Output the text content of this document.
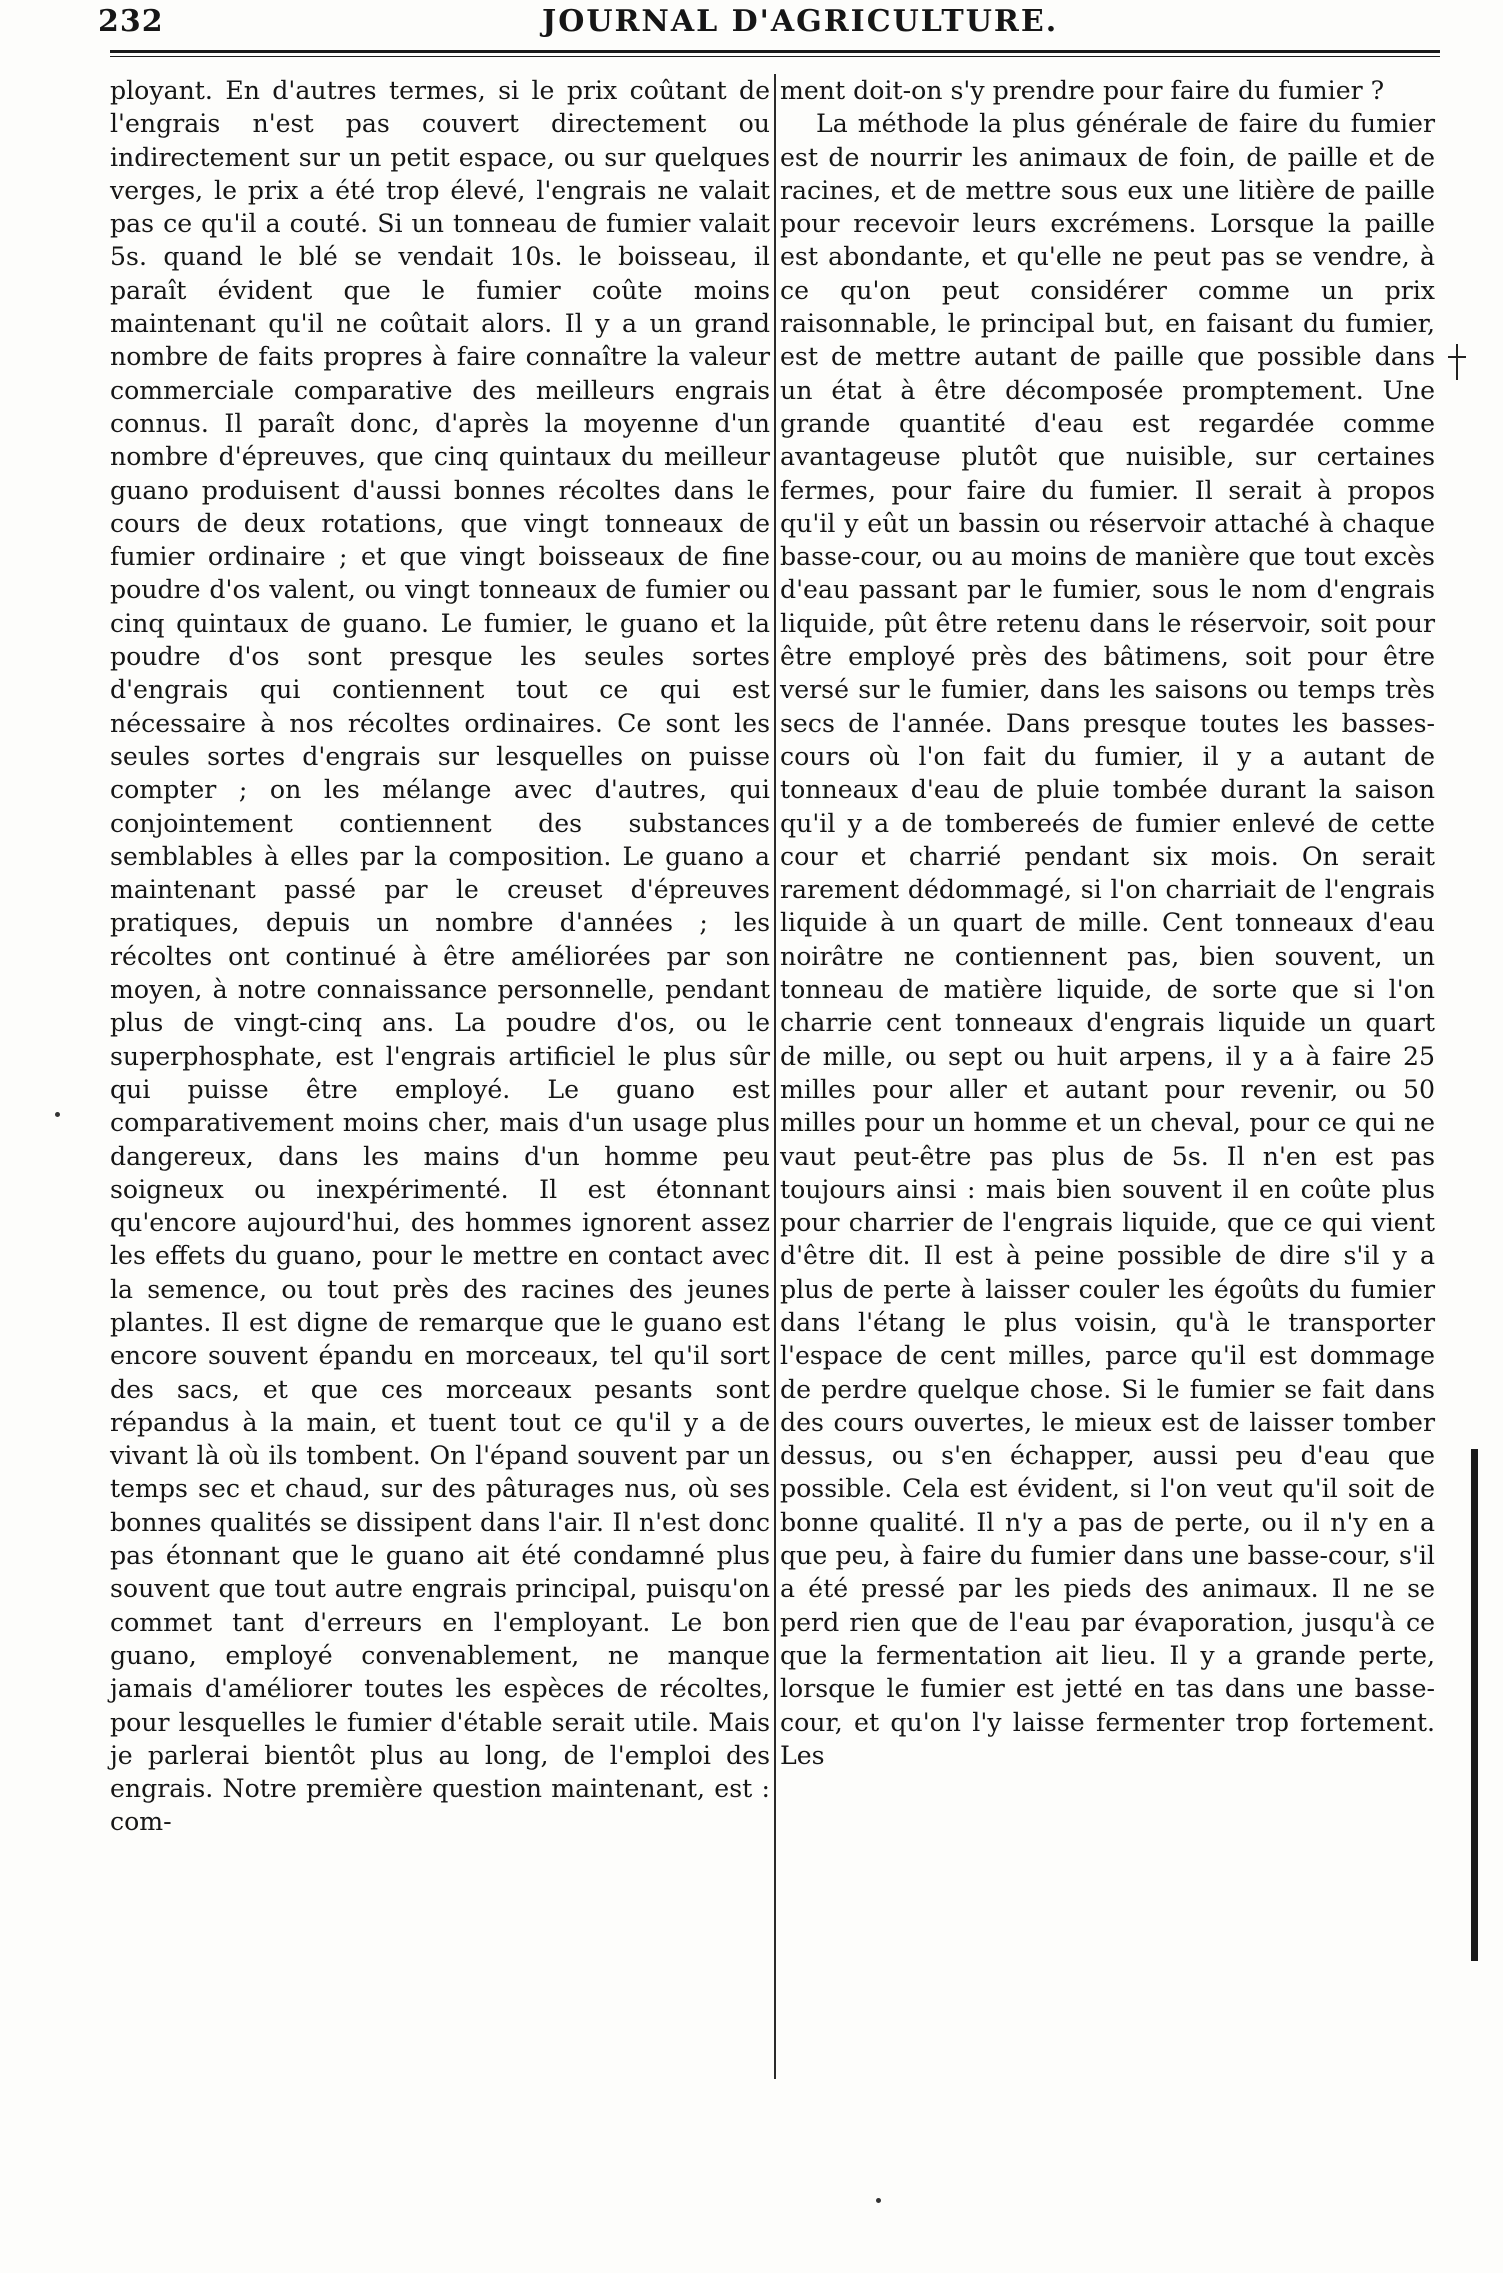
232	JOURNAL D'AGRICULTURE.

ployant. En d'autres termes, si le prix coûtant de l'engrais n'est pas couvert directement ou indirectement sur un petit espace, ou sur quelques verges, le prix a été trop élevé, l'engrais ne valait pas ce qu'il a couté. Si un tonneau de fumier valait 5s. quand le blé se vendait 10s. le boisseau, il paraît évident que le fumier coûte moins maintenant qu'il ne coûtait alors. Il y a un grand nombre de faits propres à faire connaître la valeur commerciale comparative des meilleurs engrais connus. Il paraît donc, d'après la moyenne d'un nombre d'épreuves, que cinq quintaux du meilleur guano produisent d'aussi bonnes récoltes dans le cours de deux rotations, que vingt tonneaux de fumier ordinaire ; et que vingt boisseaux de fine poudre d'os valent, ou vingt tonneaux de fumier ou cinq quintaux de guano. Le fumier, le guano et la poudre d'os sont presque les seules sortes d'engrais qui contiennent tout ce qui est nécessaire à nos récoltes ordinaires. Ce sont les seules sortes d'engrais sur lesquelles on puisse compter ; on les mélange avec d'autres, qui conjointement contiennent des substances semblables à elles par la composition. Le guano a maintenant passé par le creuset d'épreuves pratiques, depuis un nombre d'années ; les récoltes ont continué à être améliorées par son moyen, à notre connaissance personnelle, pendant plus de vingt-cinq ans. La poudre d'os, ou le superphosphate, est l'engrais artificiel le plus sûr qui puisse être employé. Le guano est comparativement moins cher, mais d'un usage plus dangereux, dans les mains d'un homme peu soigneux ou inexpérimenté. Il est étonnant qu'encore aujourd'hui, des hommes ignorent assez les effets du guano, pour le mettre en contact avec la semence, ou tout près des racines des jeunes plantes. Il est digne de remarque que le guano est encore souvent épandu en morceaux, tel qu'il sort des sacs, et que ces morceaux pesants sont répandus à la main, et tuent tout ce qu'il y a de vivant là où ils tombent. On l'épand souvent par un temps sec et chaud, sur des pâturages nus, où ses bonnes qualités se dissipent dans l'air. Il n'est donc pas étonnant que le guano ait été condamné plus souvent que tout autre engrais principal, puisqu'on commet tant d'erreurs en l'employant. Le bon guano, employé convenablement, ne manque jamais d'améliorer toutes les espèces de récoltes, pour lesquelles le fumier d'étable serait utile. Mais je parlerai bientôt plus au long, de l'emploi des engrais. Notre première question maintenant, est : com-

ment doit-on s'y prendre pour faire du fumier ?

La méthode la plus générale de faire du fumier est de nourrir les animaux de foin, de paille et de racines, et de mettre sous eux une litière de paille pour recevoir leurs excrémens. Lorsque la paille est abondante, et qu'elle ne peut pas se vendre, à ce qu'on peut considérer comme un prix raisonnable, le principal but, en faisant du fumier, est de mettre autant de paille que possible dans un état à être décomposée promptement. Une grande quantité d'eau est regardée comme avantageuse plutôt que nuisible, sur certaines fermes, pour faire du fumier. Il serait à propos qu'il y eût un bassin ou réservoir attaché à chaque basse-cour, ou au moins de manière que tout excès d'eau passant par le fumier, sous le nom d'engrais liquide, pût être retenu dans le réservoir, soit pour être employé près des bâtimens, soit pour être versé sur le fumier, dans les saisons ou temps très secs de l'année. Dans presque toutes les basses-cours où l'on fait du fumier, il y a autant de tonneaux d'eau de pluie tombée durant la saison qu'il y a de tombereés de fumier enlevé de cette cour et charrié pendant six mois. On serait rarement dédommagé, si l'on charriait de l'engrais liquide à un quart de mille. Cent tonneaux d'eau noirâtre ne contiennent pas, bien souvent, un tonneau de matière liquide, de sorte que si l'on charrie cent tonneaux d'engrais liquide un quart de mille, ou sept ou huit arpens, il y a à faire 25 milles pour aller et autant pour revenir, ou 50 milles pour un homme et un cheval, pour ce qui ne vaut peut-être pas plus de 5s. Il n'en est pas toujours ainsi : mais bien souvent il en coûte plus pour charrier de l'engrais liquide, que ce qui vient d'être dit. Il est à peine possible de dire s'il y a plus de perte à laisser couler les égoûts du fumier dans l'étang le plus voisin, qu'à le transporter l'espace de cent milles, parce qu'il est dommage de perdre quelque chose. Si le fumier se fait dans des cours ouvertes, le mieux est de laisser tomber dessus, ou s'en échapper, aussi peu d'eau que possible. Cela est évident, si l'on veut qu'il soit de bonne qualité. Il n'y a pas de perte, ou il n'y en a que peu, à faire du fumier dans une basse-cour, s'il a été pressé par les pieds des animaux. Il ne se perd rien que de l'eau par évaporation, jusqu'à ce que la fermentation ait lieu. Il y a grande perte, lorsque le fumier est jetté en tas dans une basse-cour, et qu'on l'y laisse fermenter trop fortement. Les
